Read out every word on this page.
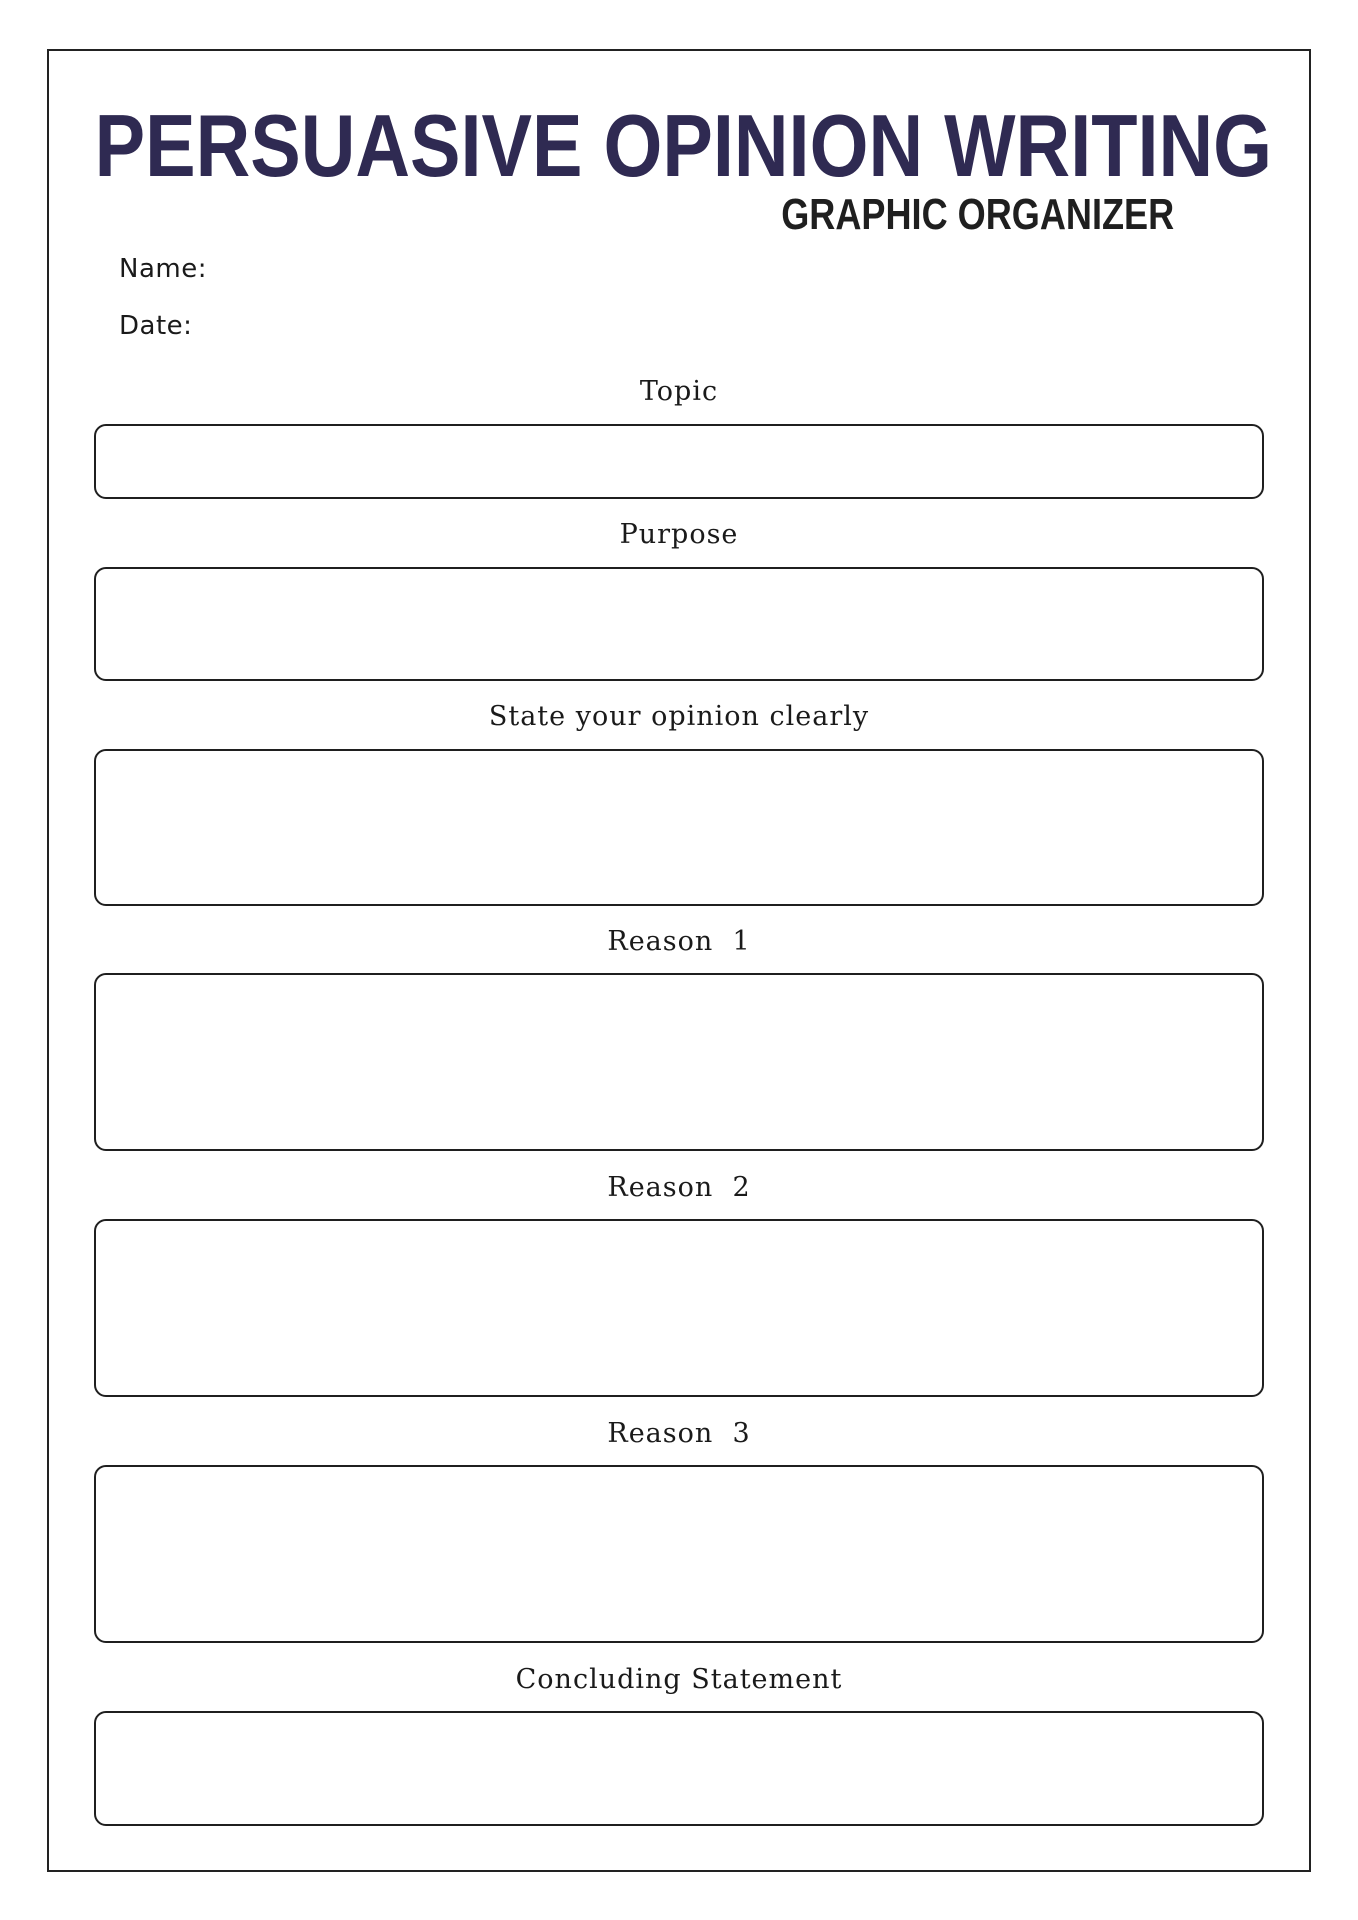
PERSUASIVE OPINION WRITING
GRAPHIC ORGANIZER
Name:
Date:
Topic
Purpose
State your opinion clearly
Reason  1
Reason  2
Reason  3
Concluding Statement
